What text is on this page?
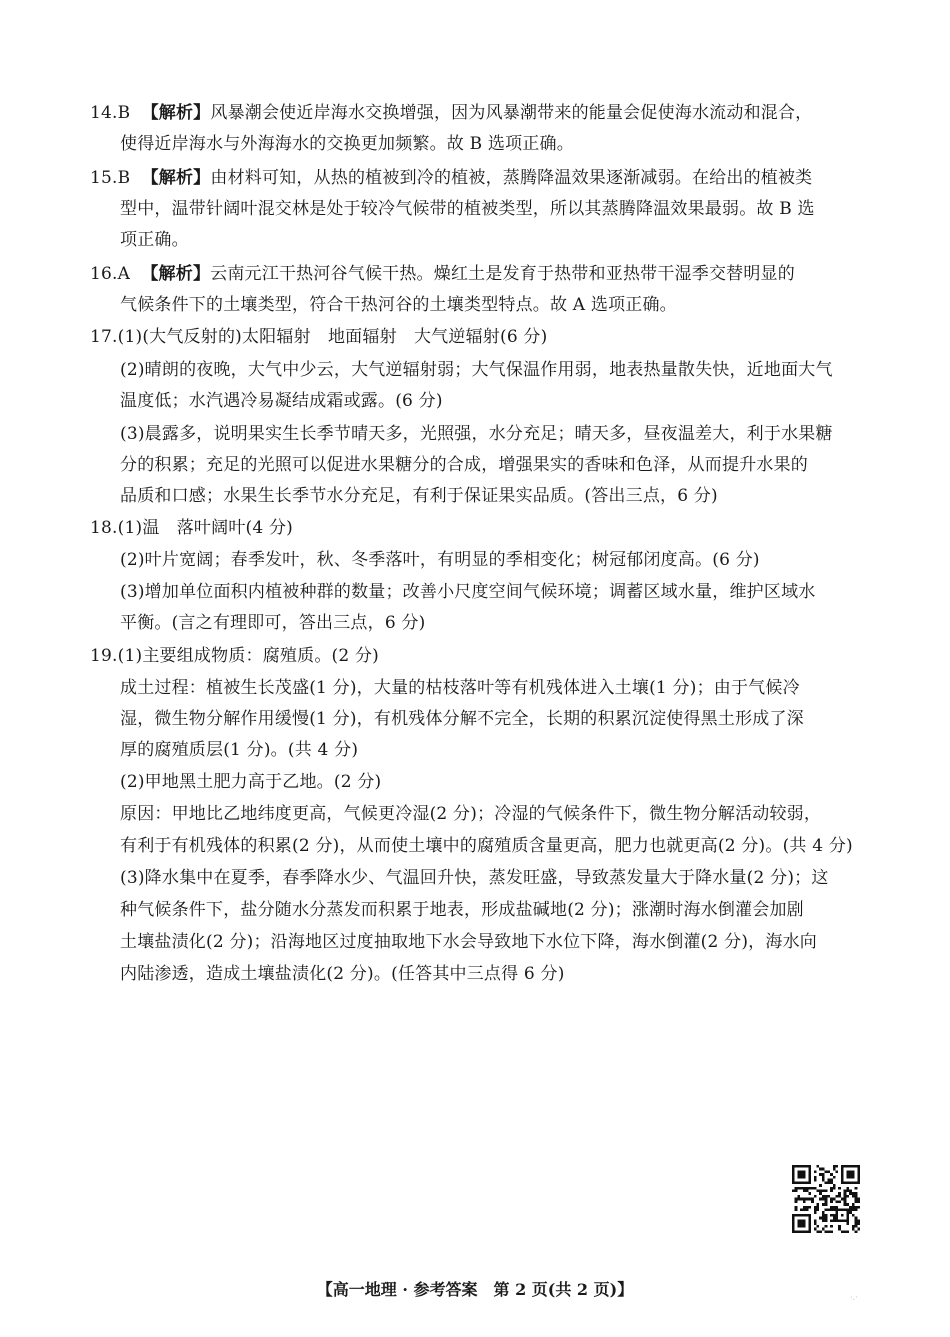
14.B 【解析】风暴潮会使近岸海水交换增强，因为风暴潮带来的能量会促使海水流动和混合，
使得近岸海水与外海海水的交换更加频繁。故 B 选项正确。
15.B 【解析】由材料可知，从热的植被到冷的植被，蒸腾降温效果逐渐减弱。在给出的植被类
型中，温带针阔叶混交林是处于较冷气候带的植被类型，所以其蒸腾降温效果最弱。故 B 选
项正确。
16.A 【解析】云南元江干热河谷气候干热。燥红土是发育于热带和亚热带干湿季交替明显的
气候条件下的土壤类型，符合干热河谷的土壤类型特点。故 A 选项正确。
17.(1)(大气反射的)太阳辐射　地面辐射　大气逆辐射(6 分)
(2)晴朗的夜晚，大气中少云，大气逆辐射弱；大气保温作用弱，地表热量散失快，近地面大气
温度低；水汽遇冷易凝结成霜或露。(6 分)
(3)晨露多，说明果实生长季节晴天多，光照强，水分充足；晴天多，昼夜温差大，利于水果糖
分的积累；充足的光照可以促进水果糖分的合成，增强果实的香味和色泽，从而提升水果的
品质和口感；水果生长季节水分充足，有利于保证果实品质。(答出三点，6 分)
18.(1)温　落叶阔叶(4 分)
(2)叶片宽阔；春季发叶，秋、冬季落叶，有明显的季相变化；树冠郁闭度高。(6 分)
(3)增加单位面积内植被种群的数量；改善小尺度空间气候环境；调蓄区域水量，维护区域水
平衡。(言之有理即可，答出三点，6 分)
19.(1)主要组成物质：腐殖质。(2 分)
成土过程：植被生长茂盛(1 分)，大量的枯枝落叶等有机残体进入土壤(1 分)；由于气候冷
湿，微生物分解作用缓慢(1 分)，有机残体分解不完全，长期的积累沉淀使得黑土形成了深
厚的腐殖质层(1 分)。(共 4 分)
(2)甲地黑土肥力高于乙地。(2 分)
原因：甲地比乙地纬度更高，气候更冷湿(2 分)；冷湿的气候条件下，微生物分解活动较弱，
有利于有机残体的积累(2 分)，从而使土壤中的腐殖质含量更高，肥力也就更高(2 分)。(共 4 分)
(3)降水集中在夏季，春季降水少、气温回升快，蒸发旺盛，导致蒸发量大于降水量(2 分)；这
种气候条件下，盐分随水分蒸发而积累于地表，形成盐碱地(2 分)；涨潮时海水倒灌会加剧
土壤盐渍化(2 分)；沿海地区过度抽取地下水会导致地下水位下降，海水倒灌(2 分)，海水向
内陆渗透，造成土壤盐渍化(2 分)。(任答其中三点得 6 分)
【高一地理 · 参考答案　第 2 页(共 2 页)】	·.·
